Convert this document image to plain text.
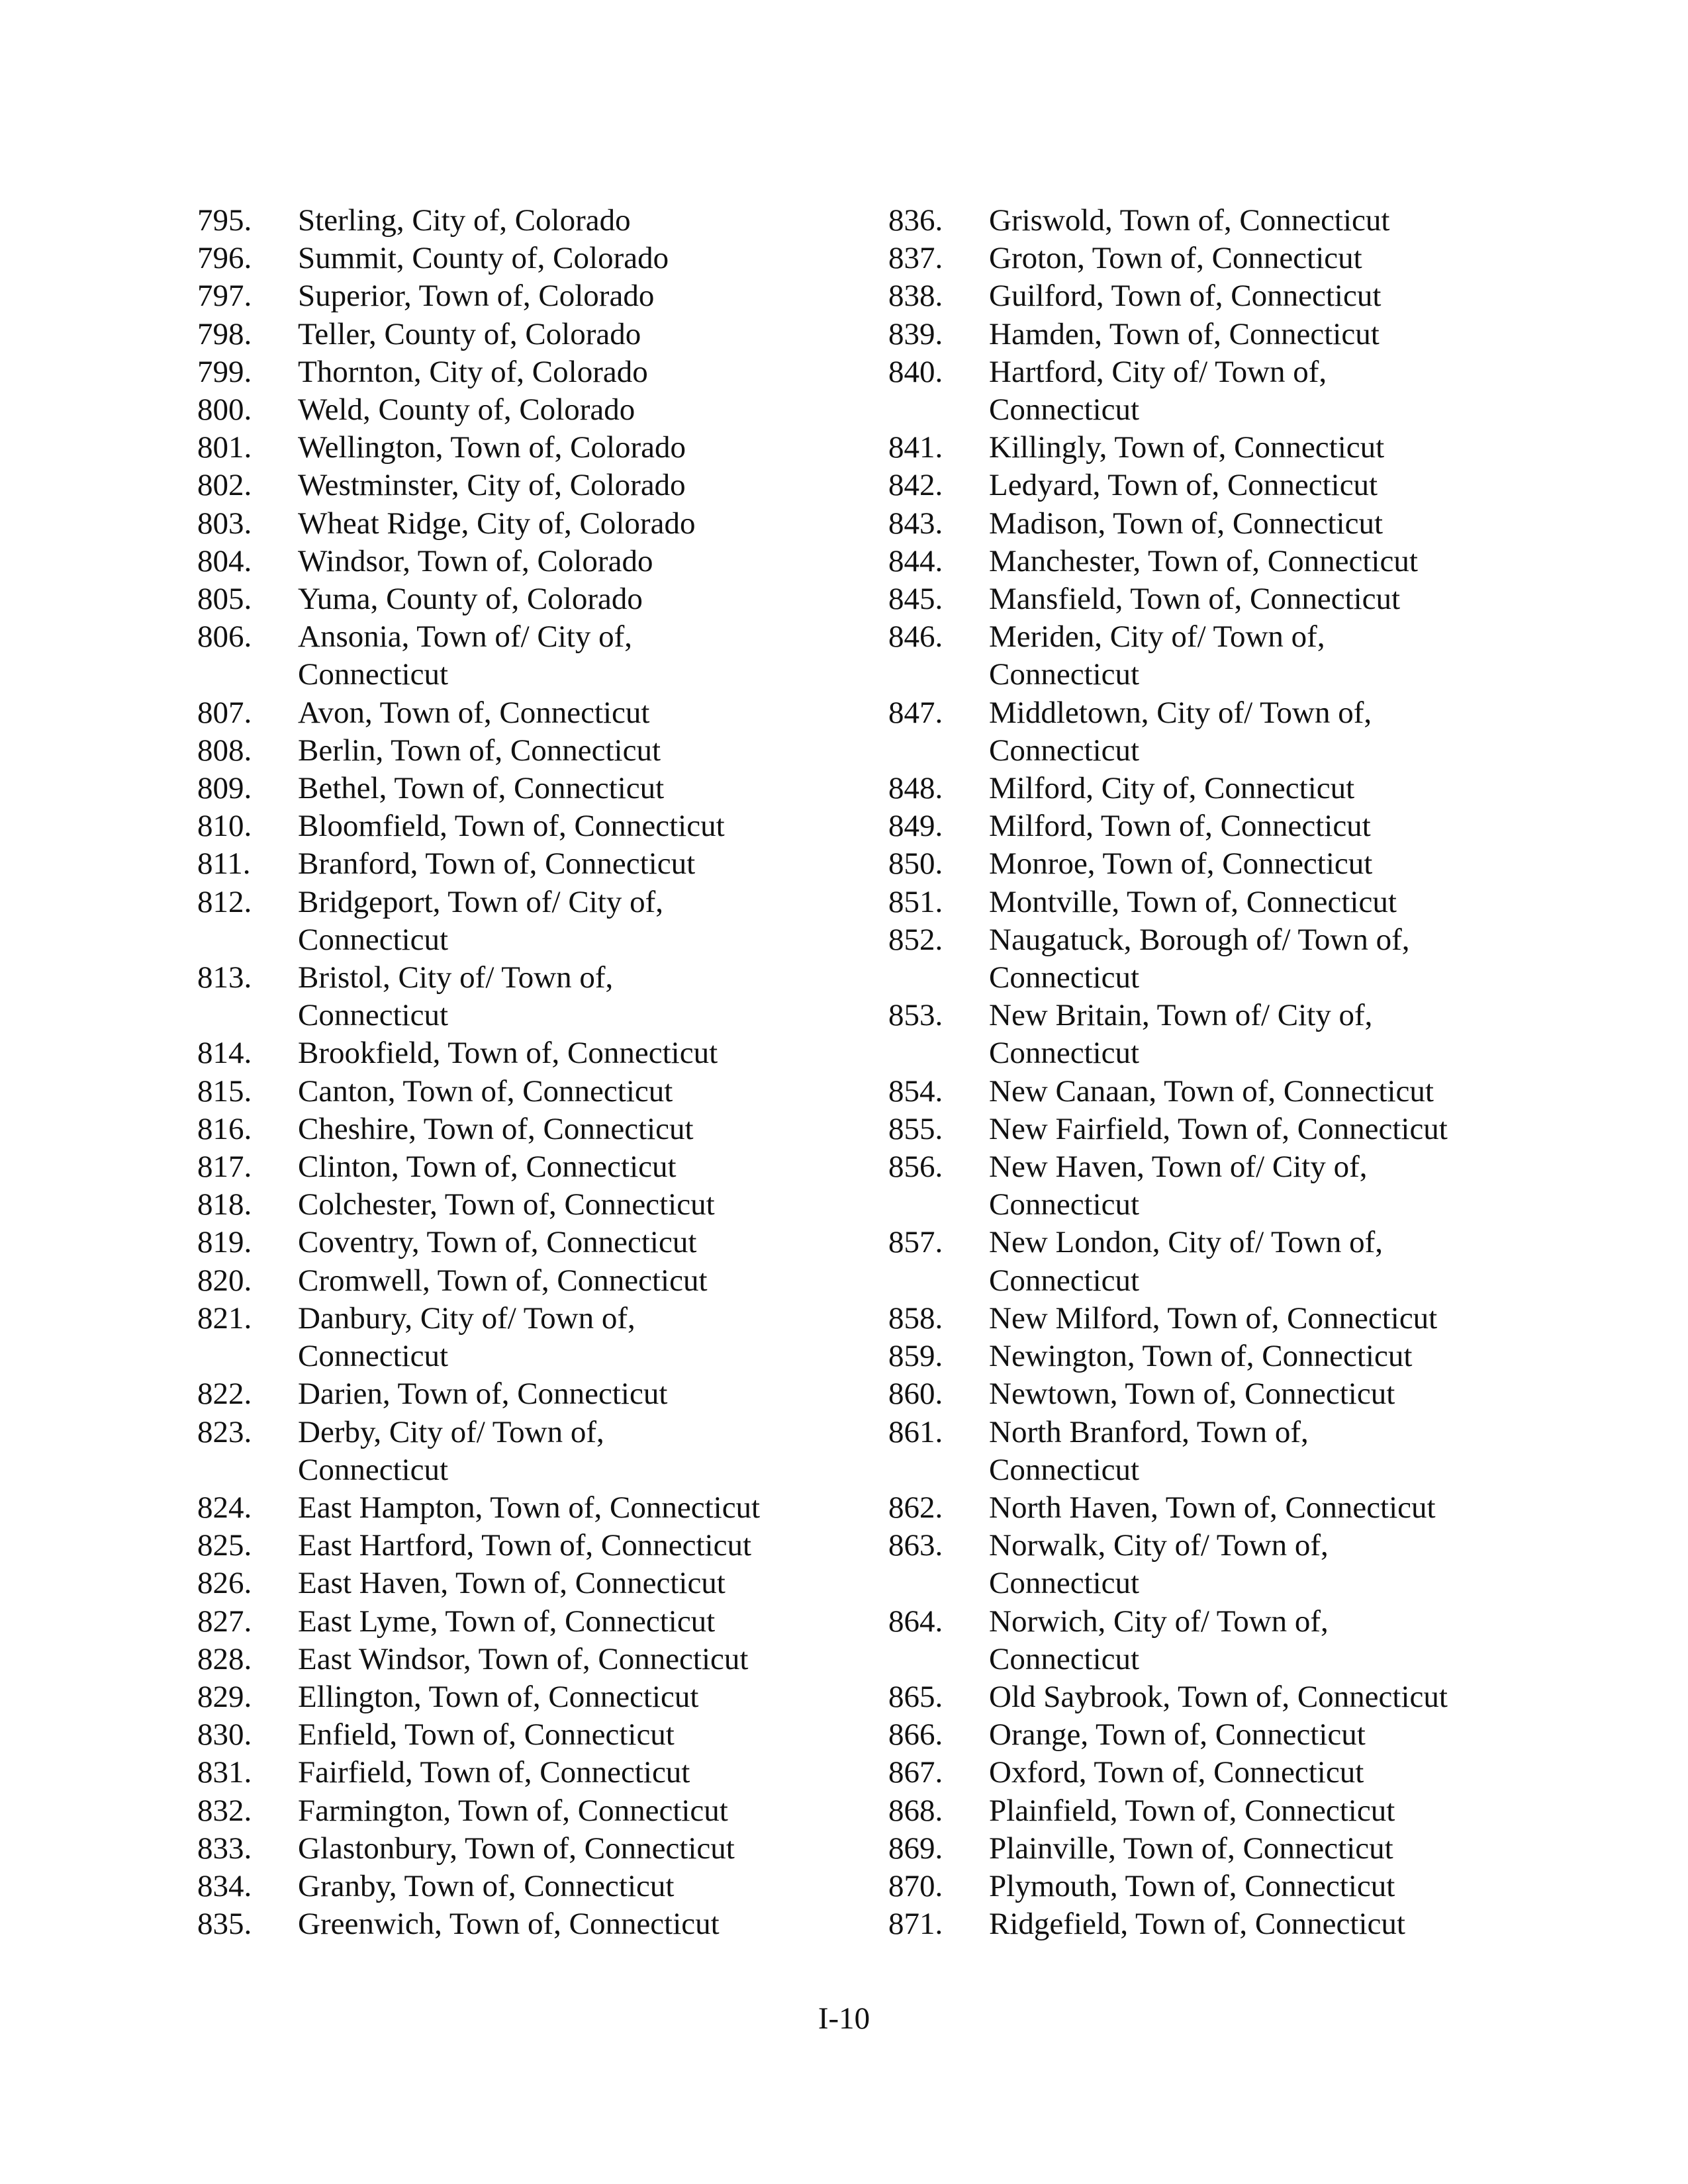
795.	Sterling, City of, Colorado
796.	Summit, County of, Colorado
797.	Superior, Town of, Colorado
798.	Teller, County of, Colorado
799.	Thornton, City of, Colorado
800.	Weld, County of, Colorado
801.	Wellington, Town of, Colorado
802.	Westminster, City of, Colorado
803.	Wheat Ridge, City of, Colorado
804.	Windsor, Town of, Colorado
805.	Yuma, County of, Colorado
806.	Ansonia, Town of/ City of,
Connecticut
807.	Avon, Town of, Connecticut
808.	Berlin, Town of, Connecticut
809.	Bethel, Town of, Connecticut
810.	Bloomfield, Town of, Connecticut
811.	Branford, Town of, Connecticut
812.	Bridgeport, Town of/ City of,
Connecticut
813.	Bristol, City of/ Town of,
Connecticut
814.	Brookfield, Town of, Connecticut
815.	Canton, Town of, Connecticut
816.	Cheshire, Town of, Connecticut
817.	Clinton, Town of, Connecticut
818.	Colchester, Town of, Connecticut
819.	Coventry, Town of, Connecticut
820.	Cromwell, Town of, Connecticut
821.	Danbury, City of/ Town of,
Connecticut
822.	Darien, Town of, Connecticut
823.	Derby, City of/ Town of,
Connecticut
824.	East Hampton, Town of, Connecticut
825.	East Hartford, Town of, Connecticut
826.	East Haven, Town of, Connecticut
827.	East Lyme, Town of, Connecticut
828.	East Windsor, Town of, Connecticut
829.	Ellington, Town of, Connecticut
830.	Enfield, Town of, Connecticut
831.	Fairfield, Town of, Connecticut
832.	Farmington, Town of, Connecticut
833.	Glastonbury, Town of, Connecticut
834.	Granby, Town of, Connecticut
835.	Greenwich, Town of, Connecticut
836.	Griswold, Town of, Connecticut
837.	Groton, Town of, Connecticut
838.	Guilford, Town of, Connecticut
839.	Hamden, Town of, Connecticut
840.	Hartford, City of/ Town of,
Connecticut
841.	Killingly, Town of, Connecticut
842.	Ledyard, Town of, Connecticut
843.	Madison, Town of, Connecticut
844.	Manchester, Town of, Connecticut
845.	Mansfield, Town of, Connecticut
846.	Meriden, City of/ Town of,
Connecticut
847.	Middletown, City of/ Town of,
Connecticut
848.	Milford, City of, Connecticut
849.	Milford, Town of, Connecticut
850.	Monroe, Town of, Connecticut
851.	Montville, Town of, Connecticut
852.	Naugatuck, Borough of/ Town of,
Connecticut
853.	New Britain, Town of/ City of,
Connecticut
854.	New Canaan, Town of, Connecticut
855.	New Fairfield, Town of, Connecticut
856.	New Haven, Town of/ City of,
Connecticut
857.	New London, City of/ Town of,
Connecticut
858.	New Milford, Town of, Connecticut
859.	Newington, Town of, Connecticut
860.	Newtown, Town of, Connecticut
861.	North Branford, Town of,
Connecticut
862.	North Haven, Town of, Connecticut
863.	Norwalk, City of/ Town of,
Connecticut
864.	Norwich, City of/ Town of,
Connecticut
865.	Old Saybrook, Town of, Connecticut
866.	Orange, Town of, Connecticut
867.	Oxford, Town of, Connecticut
868.	Plainfield, Town of, Connecticut
869.	Plainville, Town of, Connecticut
870.	Plymouth, Town of, Connecticut
871.	Ridgefield, Town of, Connecticut
I-10
